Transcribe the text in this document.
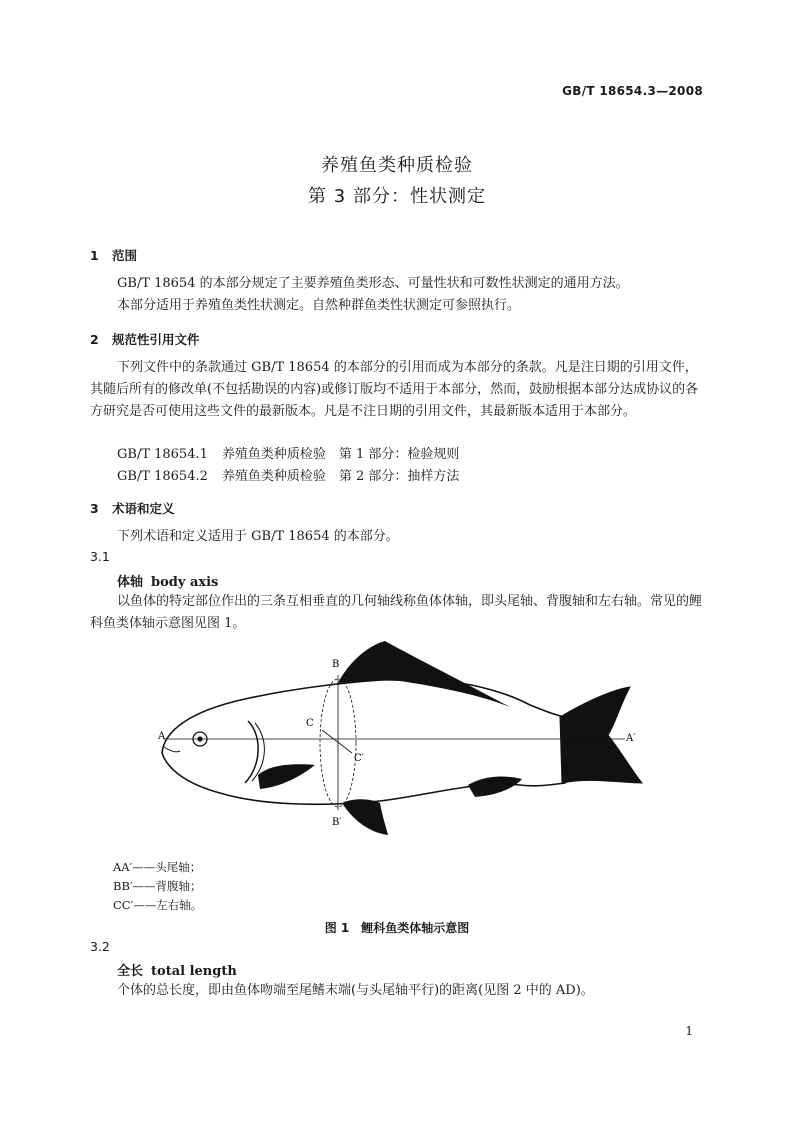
GB/T 18654.3—2008
养殖鱼类种质检验
第 3 部分：性状测定
1 范围
GB/T 18654 的本部分规定了主要养殖鱼类形态、可量性状和可数性状测定的通用方法。
本部分适用于养殖鱼类性状测定。自然种群鱼类性状测定可参照执行。
2 规范性引用文件
下列文件中的条款通过 GB/T 18654 的本部分的引用而成为本部分的条款。凡是注日期的引用文件，其随后所有的修改单(不包括勘误的内容)或修订版均不适用于本部分，然而，鼓励根据本部分达成协议的各方研究是否可使用这些文件的最新版本。凡是不注日期的引用文件，其最新版本适用于本部分。
GB/T 18654.1 养殖鱼类种质检验　第 1 部分：检验规则
GB/T 18654.2 养殖鱼类种质检验　第 2 部分：抽样方法
3 术语和定义
下列术语和定义适用于 GB/T 18654 的本部分。
3.1
体轴 body axis
以鱼体的特定部位作出的三条互相垂直的几何轴线称鱼体体轴，即头尾轴、背腹轴和左右轴。常见的鲤科鱼类体轴示意图见图 1。
A	A′
B
B′
C
C′
AA′——头尾轴；
BB′——背腹轴；
CC′——左右轴。
图 1　鲤科鱼类体轴示意图
3.2
全长 total length
个体的总长度，即由鱼体吻端至尾鳍末端(与头尾轴平行)的距离(见图 2 中的 AD)。
1
